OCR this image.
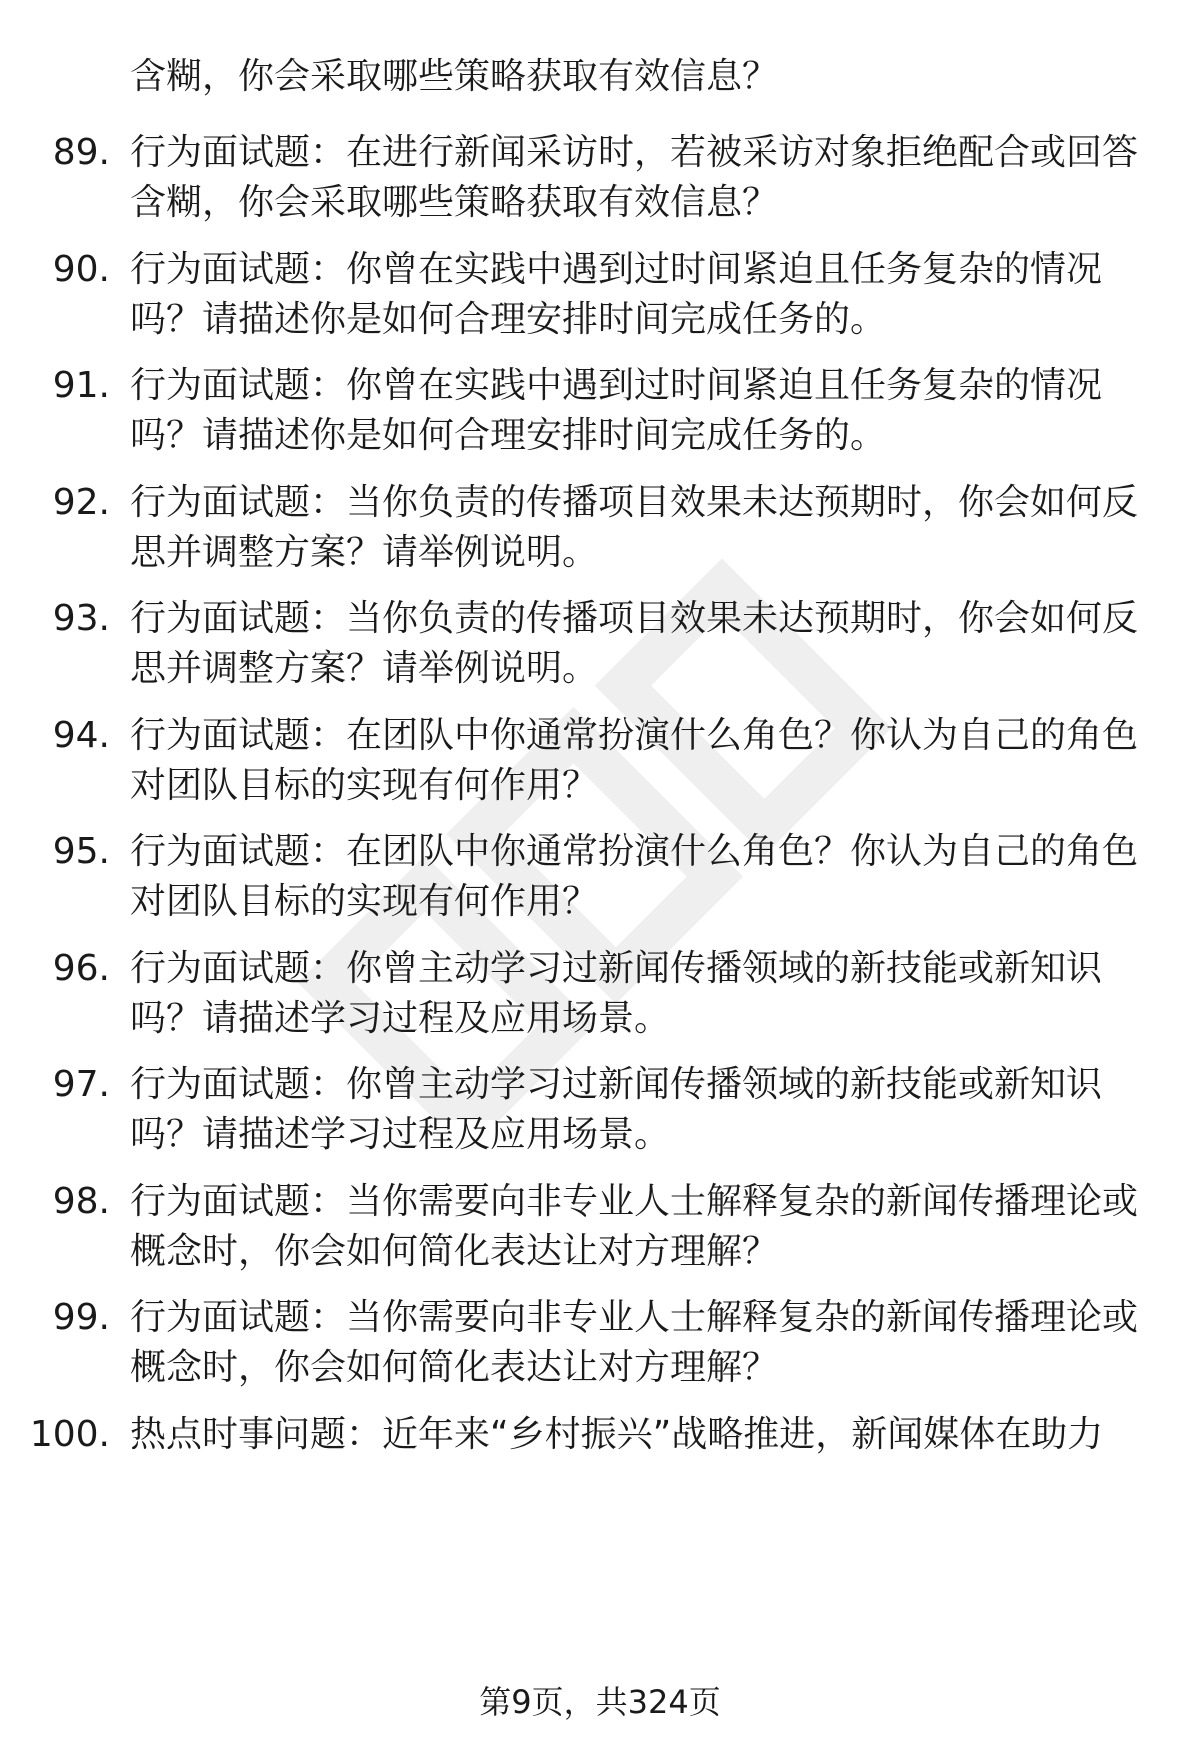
含糊，你会采取哪些策略获取有效信息？
89. 行为面试题：在进行新闻采访时，若被采访对象拒绝配合或回答
含糊，你会采取哪些策略获取有效信息？
90. 行为面试题：你曾在实践中遇到过时间紧迫且任务复杂的情况
吗？请描述你是如何合理安排时间完成任务的。
91. 行为面试题：你曾在实践中遇到过时间紧迫且任务复杂的情况
吗？请描述你是如何合理安排时间完成任务的。
92. 行为面试题：当你负责的传播项目效果未达预期时，你会如何反
思并调整方案？请举例说明。
93. 行为面试题：当你负责的传播项目效果未达预期时，你会如何反
思并调整方案？请举例说明。
94. 行为面试题：在团队中你通常扮演什么角色？你认为自己的角色
对团队目标的实现有何作用？
95. 行为面试题：在团队中你通常扮演什么角色？你认为自己的角色
对团队目标的实现有何作用？
96. 行为面试题：你曾主动学习过新闻传播领域的新技能或新知识
吗？请描述学习过程及应用场景。
97. 行为面试题：你曾主动学习过新闻传播领域的新技能或新知识
吗？请描述学习过程及应用场景。
98. 行为面试题：当你需要向非专业人士解释复杂的新闻传播理论或
概念时，你会如何简化表达让对方理解？
99. 行为面试题：当你需要向非专业人士解释复杂的新闻传播理论或
概念时，你会如何简化表达让对方理解？
100. 热点时事问题：近年来“乡村振兴”战略推进，新闻媒体在助力
第9页，共324页
